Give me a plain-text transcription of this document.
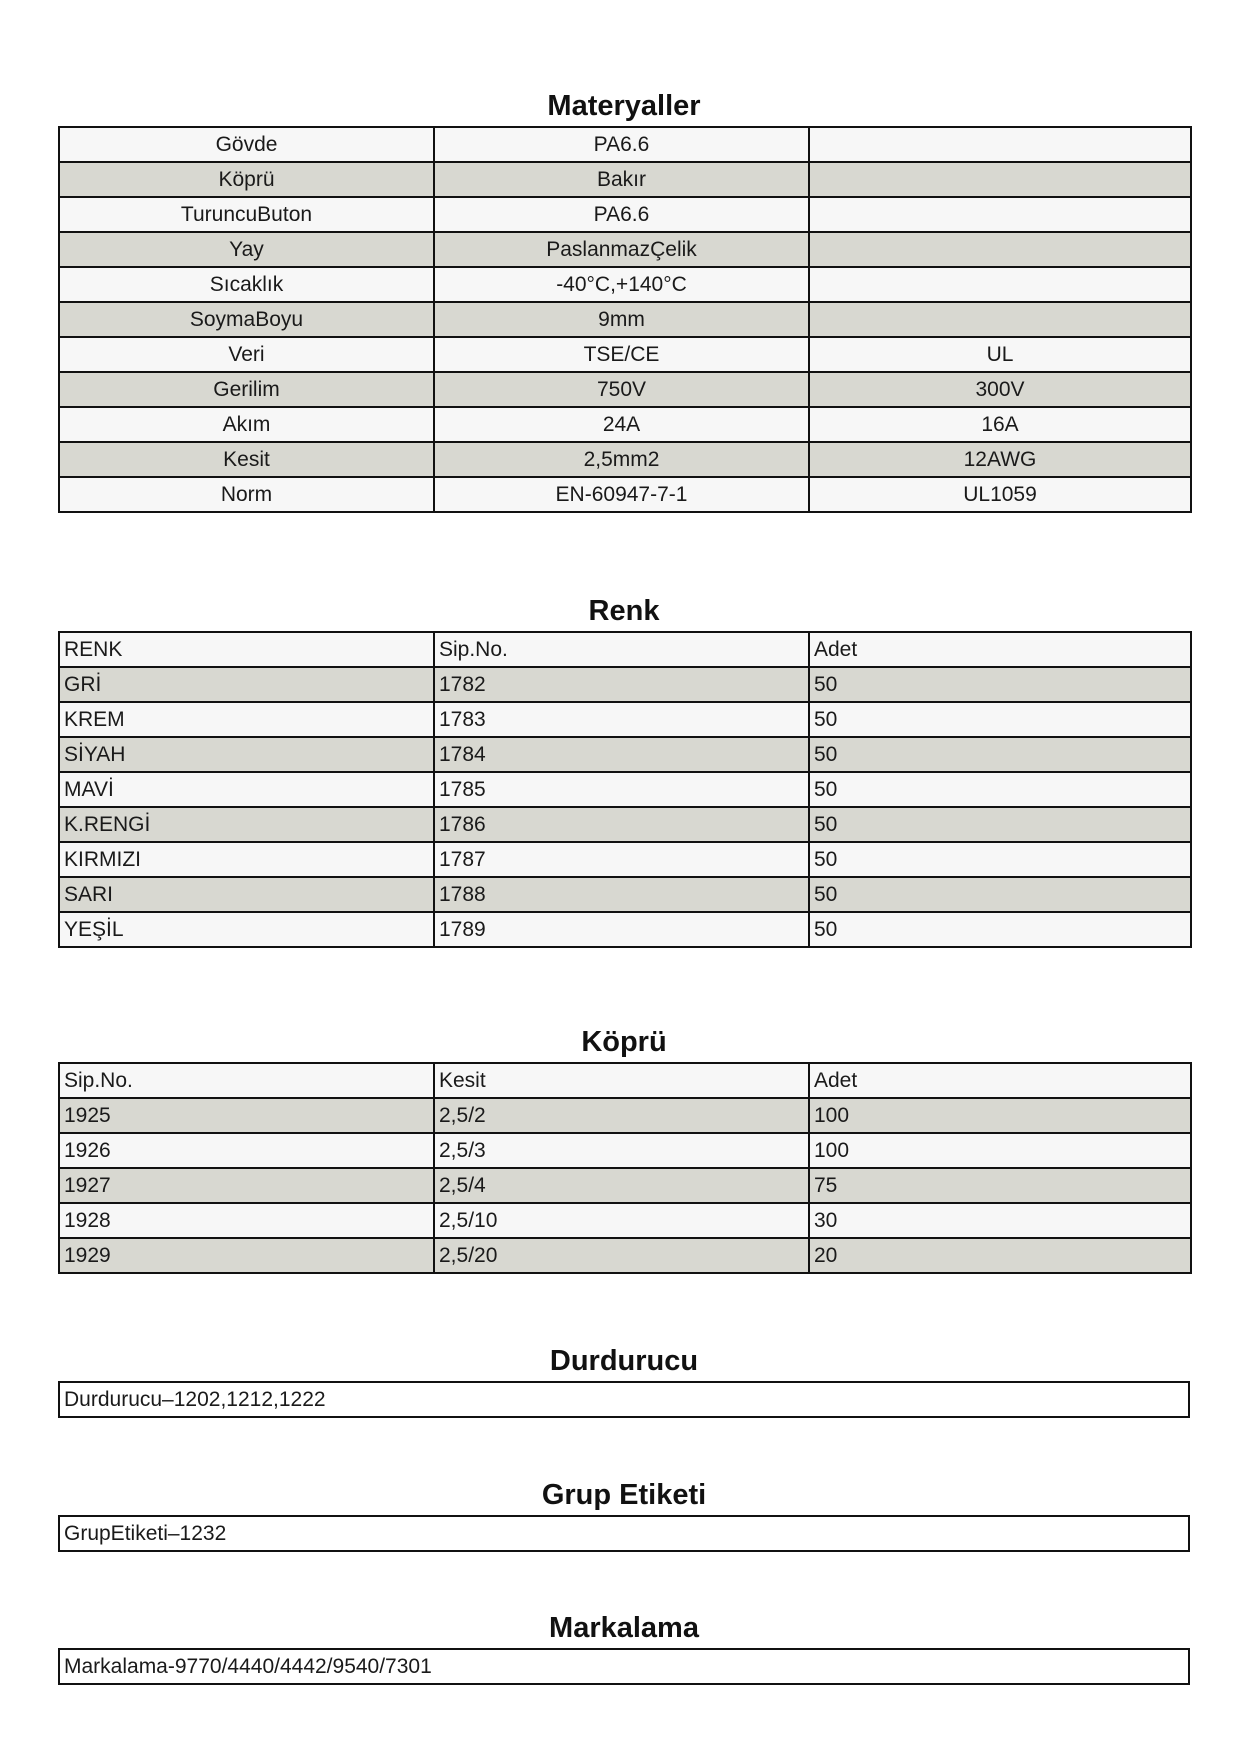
Materyaller
Gövde	PA6.6	
Köprü	Bakır	
TuruncuButon	PA6.6	
Yay	PaslanmazÇelik	
Sıcaklık	-40°C,+140°C	
SoymaBoyu	9mm	
Veri	TSE/CE	UL
Gerilim	750V	300V
Akım	24A	16A
Kesit	2,5mm2	12AWG
Norm	EN-60947-7-1	UL1059
Renk
RENK	Sip.No.	Adet
GRİ	1782	50
KREM	1783	50
SİYAH	1784	50
MAVİ	1785	50
K.RENGİ	1786	50
KIRMIZI	1787	50
SARI	1788	50
YEŞİL	1789	50
Köprü
Sip.No.	Kesit	Adet
1925	2,5/2	100
1926	2,5/3	100
1927	2,5/4	75
1928	2,5/10	30
1929	2,5/20	20
Durdurucu
Durdurucu–1202,1212,1222
Grup Etiketi
GrupEtiketi–1232
Markalama
Markalama-9770/4440/4442/9540/7301
